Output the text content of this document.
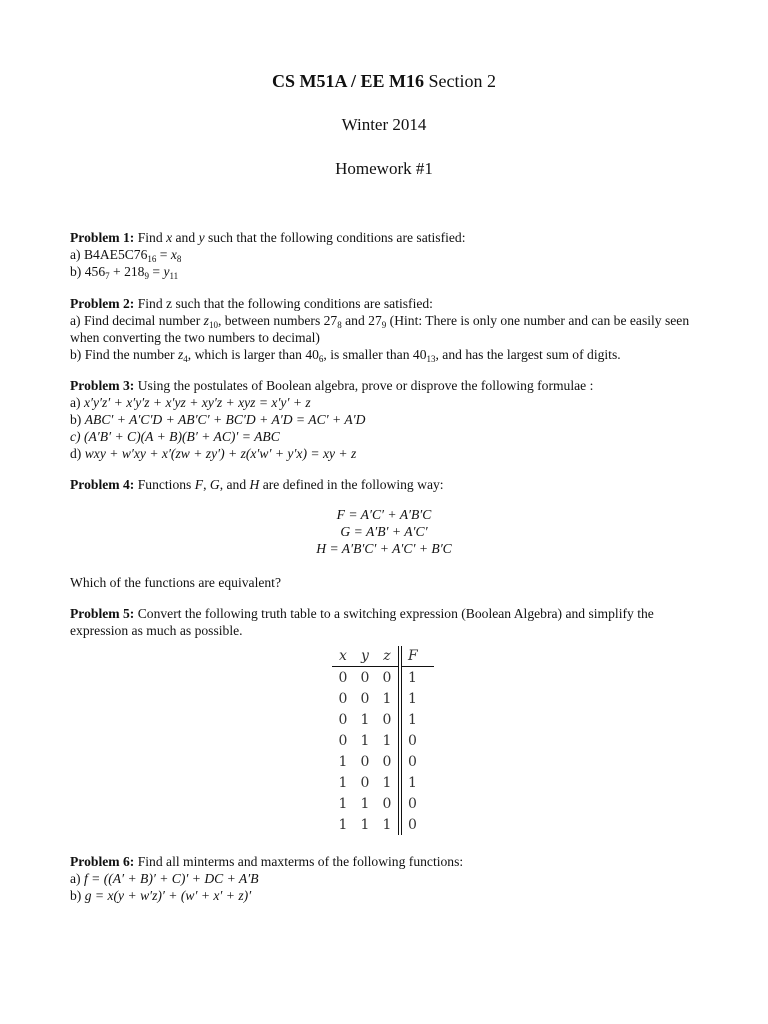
CS M51A / EE M16 Section 2
Winter 2014
Homework #1

Problem 1: Find x and y such that the following conditions are satisfied:

a) $B4AE5C76_{16} = x_8$

b) $456_7 + 218_9 = y_{11}$

Problem 2: Find z such that the following conditions are satisfied:

a) Find decimal number $z_{10}$, between numbers $27_8$ and $27_9$ (Hint: There is only one number and can be easily seen when converting the two numbers to decimal)

b) Find the number $z_4$, which is larger than $40_6$, is smaller than $40_{13}$, and has the largest sum of digits.

Problem 3: Using the postulates of Boolean algebra, prove or disprove the following formulae :

a) x′y′z′ + x′y′z + x′yz + xy′z + xyz = x′y′ + z

b) ABC′ + A′C′D + AB′C′ + BC′D + A′D = AC′ + A′D

c) (A′B′ + C)(A + B)(B′ + AC)′ = ABC

d) wxy + w′xy + x′(zw + zy′) + z(x′w′ + y′x) = xy + z

Problem 4: Functions F, G, and H are defined in the following way:

F = A′C′ + A′B′C
G = A′B′ + A′C′
H = A′B′C′ + A′C′ + B′C

Which of the functions are equivalent?

Problem 5: Convert the following truth table to a switching expression (Boolean Algebra) and simplify the expression as much as possible.

x	y	z	F
0	0	0	1
0	0	1	1
0	1	0	1
0	1	1	0
1	0	0	0
1	0	1	1
1	1	0	0
1	1	1	0

Problem 6: Find all minterms and maxterms of the following functions:

a) f = ((A′ + B)′ + C)′ + DC + A′B

b) g = x(y + w′z)′ + (w′ + x′ + z)′
